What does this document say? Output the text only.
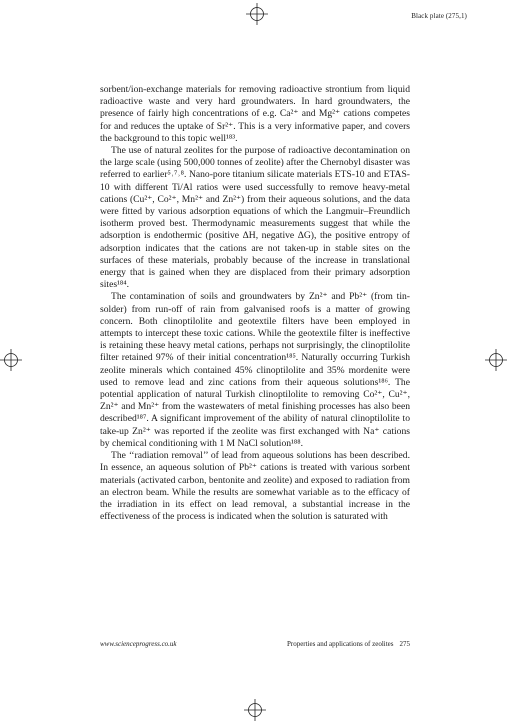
Black plate (275,1)

sorbent/ion-exchange materials for removing radioactive strontium from liquid radioactive waste and very hard groundwaters. In hard groundwaters, the presence of fairly high concentrations of e.g. Ca²⁺ and Mg²⁺ cations competes for and reduces the uptake of Sr²⁺. This is a very informative paper, and covers the background to this topic well¹⁸³.

The use of natural zeolites for the purpose of radioactive decontamination on the large scale (using 500,000 tonnes of zeolite) after the Chernobyl disaster was referred to earlier⁵˒⁷˒⁸. Nano-pore titanium silicate materials ETS-10 and ETAS-10 with different Ti/Al ratios were used successfully to remove heavy-metal cations (Cu²⁺, Co²⁺, Mn²⁺ and Zn²⁺) from their aqueous solutions, and the data were fitted by various adsorption equations of which the Langmuir–Freundlich isotherm proved best. Thermodynamic measurements suggest that while the adsorption is endothermic (positive ΔH, negative ΔG), the positive entropy of adsorption indicates that the cations are not taken-up in stable sites on the surfaces of these materials, probably because of the increase in translational energy that is gained when they are displaced from their primary adsorption sites¹⁸⁴.

The contamination of soils and groundwaters by Zn²⁺ and Pb²⁺ (from tin-solder) from run-off of rain from galvanised roofs is a matter of growing concern. Both clinoptilolite and geotextile filters have been employed in attempts to intercept these toxic cations. While the geotextile filter is ineffective is retaining these heavy metal cations, perhaps not surprisingly, the clinoptilolite filter retained 97% of their initial concentration¹⁸⁵. Naturally occurring Turkish zeolite minerals which contained 45% clinoptilolite and 35% mordenite were used to remove lead and zinc cations from their aqueous solutions¹⁸⁶. The potential application of natural Turkish clinoptilolite to removing Co²⁺, Cu²⁺, Zn²⁺ and Mn²⁺ from the wastewaters of metal finishing processes has also been described¹⁸⁷. A significant improvement of the ability of natural clinoptilolite to take-up Zn²⁺ was reported if the zeolite was first exchanged with Na⁺ cations by chemical conditioning with 1 M NaCl solution¹⁸⁸.

The ‘‘radiation removal’’ of lead from aqueous solutions has been described. In essence, an aqueous solution of Pb²⁺ cations is treated with various sorbent materials (activated carbon, bentonite and zeolite) and exposed to radiation from an electron beam. While the results are somewhat variable as to the efficacy of the irradiation in its effect on lead removal, a substantial increase in the effectiveness of the process is indicated when the solution is saturated with

www.scienceprogress.co.uk	Properties and applications of zeolites 275
